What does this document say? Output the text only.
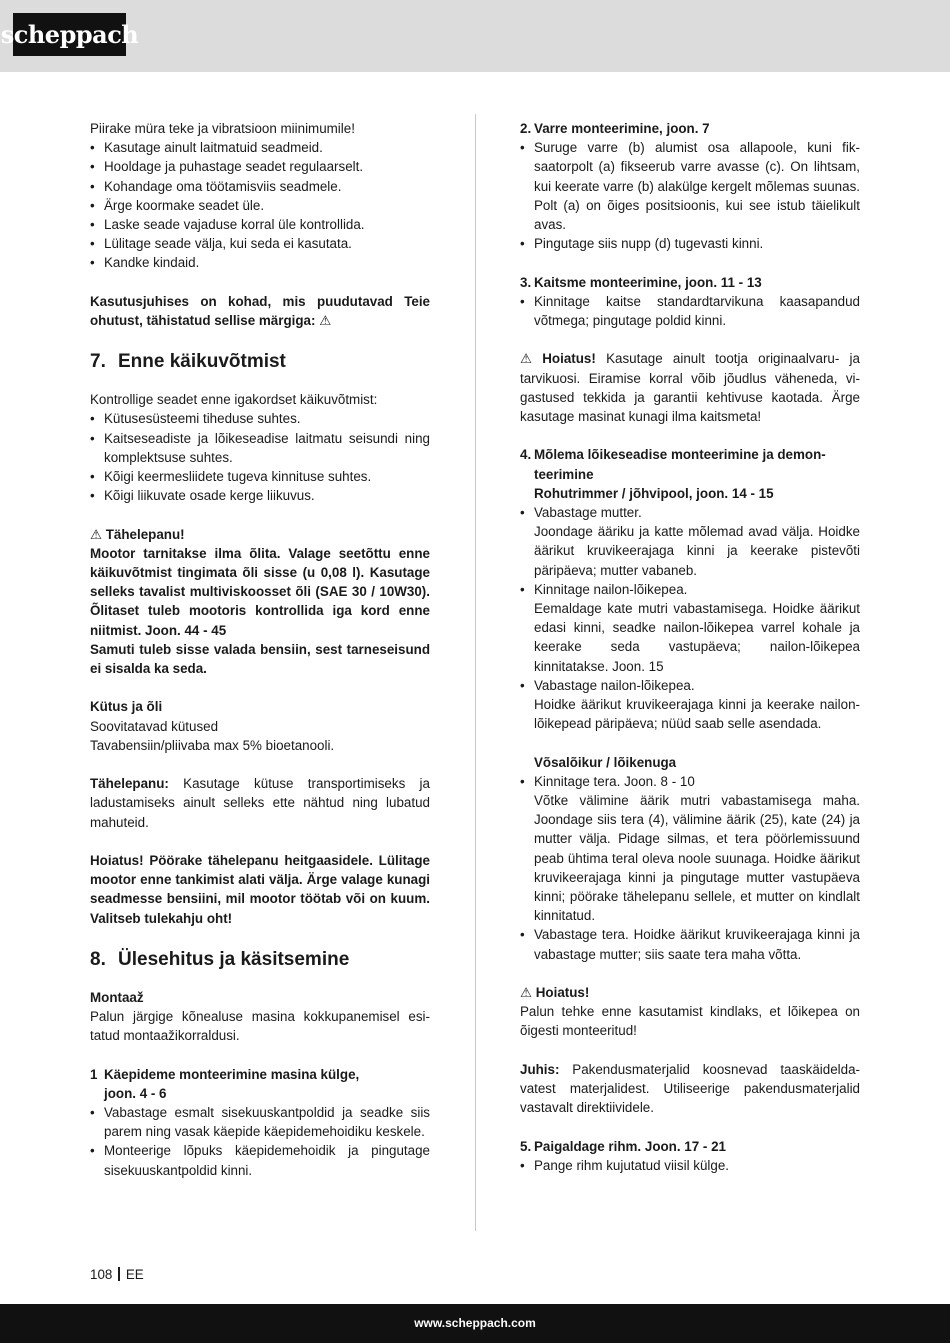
scheppach

Piirake müra teke ja vibratsioon miinimumile!

• Kasutage ainult laitmatuid seadmeid.
• Hooldage ja puhastage seadet regulaarselt.
• Kohandage oma töötamisviis seadmele.
• Ärge koormake seadet üle.
• Laske seade vajaduse korral üle kontrollida.
• Lülitage seade välja, kui seda ei kasutata.
• Kandke kindaid.

Kasutusjuhises on kohad, mis puudutavad Teie ohutust, tähistatud sellise märgiga: ⚠

7. Enne käikuvõtmist

Kontrollige seadet enne igakordset käikuvõtmist:

• Kütusesüsteemi tiheduse suhtes.
• Kaitseseadiste ja lõikeseadise laitmatu seisundi ning komplektsuse suhtes.
• Kõigi keermesliidete tugeva kinnituse suhtes.
• Kõigi liikuvate osade kerge liikuvus.

⚠ Tähelepanu!

Mootor tarnitakse ilma õlita. Valage seetõttu enne käikuvõtmist tingimata õli sisse (u 0,08 l). Kasutage selleks tavalist multiviskoosset õli (SAE 30 / 10W30). Õlitaset tuleb mootoris kontrollida iga kord enne niitmist. Joon. 44 - 45

Samuti tuleb sisse valada bensiin, sest tarneseisund ei sisalda ka seda.

Kütus ja õli

Soovitatavad kütused

Tavabensiin/pliivaba max 5% bioetanooli.

Tähelepanu: Kasutage kütuse transportimiseks ja ladustamiseks ainult selleks ette nähtud ning lubatud mahuteid.

Hoiatus! Pöörake tähelepanu heitgaasidele. Lülitage mootor enne tankimist alati välja. Ärge valage kunagi seadmesse bensiini, mil mootor töötab või on kuum. Valitseb tulekahju oht!

8. Ülesehitus ja käsitsemine

Montaaž

Palun järgige kõnealuse masina kokkupanemisel esitatud montaažikorraldusi.

1 Käepideme monteerimine masina külge,

joon. 4 - 6

• Vabastage esmalt sisekuuskantpoldid ja seadke siis parem ning vasak käepide käepidemehoidiku keskele.
• Monteerige lõpuks käepidemehoidik ja pingutage sisekuuskantpoldid kinni.
2. Varre monteerimine, joon. 7
• Suruge varre (b) alumist osa allapoole, kuni fiksaatorpolt (a) fikseerub varre avasse (c). On lihtsam, kui keerate varre (b) alakülge kergelt mõlemas suunas. Polt (a) on õiges positsioonis, kui see istub täielikult avas.
• Pingutage siis nupp (d) tugevasti kinni.
3. Kaitsme monteerimine, joon. 11 - 13
• Kinnitage kaitse standardtarvikuna kaasapandud võtmega; pingutage poldid kinni.

⚠ Hoiatus! Kasutage ainult tootja originaalvaru- ja tarvikuosi. Eiramise korral võib jõudlus väheneda, vigastused tekkida ja garantii kehtivuse kaotada. Ärge kasutage masinat kunagi ilma kaitsmeta!

4. Mõlema lõikeseadise monteerimine ja demonteerimine

Rohutrimmer / jõhvipool, joon. 14 - 15

• Vabastage mutter.
Joondage ääriku ja katte mõlemad avad välja. Hoidke äärikut kruvikeerajaga kinni ja keerake pistevõti päripäeva; mutter vabaneb.
• Kinnitage nailon-lõikepea.
Eemaldage kate mutri vabastamisega. Hoidke äärikut edasi kinni, seadke nailon-lõikepea varrel kohale ja keerake seda vastupäeva; nailon-lõikepea kinnitatakse. Joon. 15
• Vabastage nailon-lõikepea.
Hoidke äärikut kruvikeerajaga kinni ja keerake nailon-lõikepead päripäeva; nüüd saab selle asendada.

Võsalõikur / lõikenuga

• Kinnitage tera. Joon. 8 - 10
Võtke välimine äärik mutri vabastamisega maha. Joondage siis tera (4), välimine äärik (25), kate (24) ja mutter välja. Pidage silmas, et tera pöörlemissuund peab ühtima teral oleva noole suunaga. Hoidke äärikut kruvikeerajaga kinni ja pingutage mutter vastupäeva kinni; pöörake tähelepanu sellele, et mutter on kindlalt kinnitatud.
• Vabastage tera. Hoidke äärikut kruvikeerajaga kinni ja vabastage mutter; siis saate tera maha võtta.

⚠ Hoiatus!

Palun tehke enne kasutamist kindlaks, et lõikepea on õigesti monteeritud!

Juhis: Pakendusmaterjalid koosnevad taaskäideldavatest materjalidest. Utiliseerige pakendusmaterjalid vastavalt direktiividele.

5. Paigaldage rihm. Joon. 17 - 21
• Pange rihm kujutatud viisil külge.
108 EE
www.scheppach.com
